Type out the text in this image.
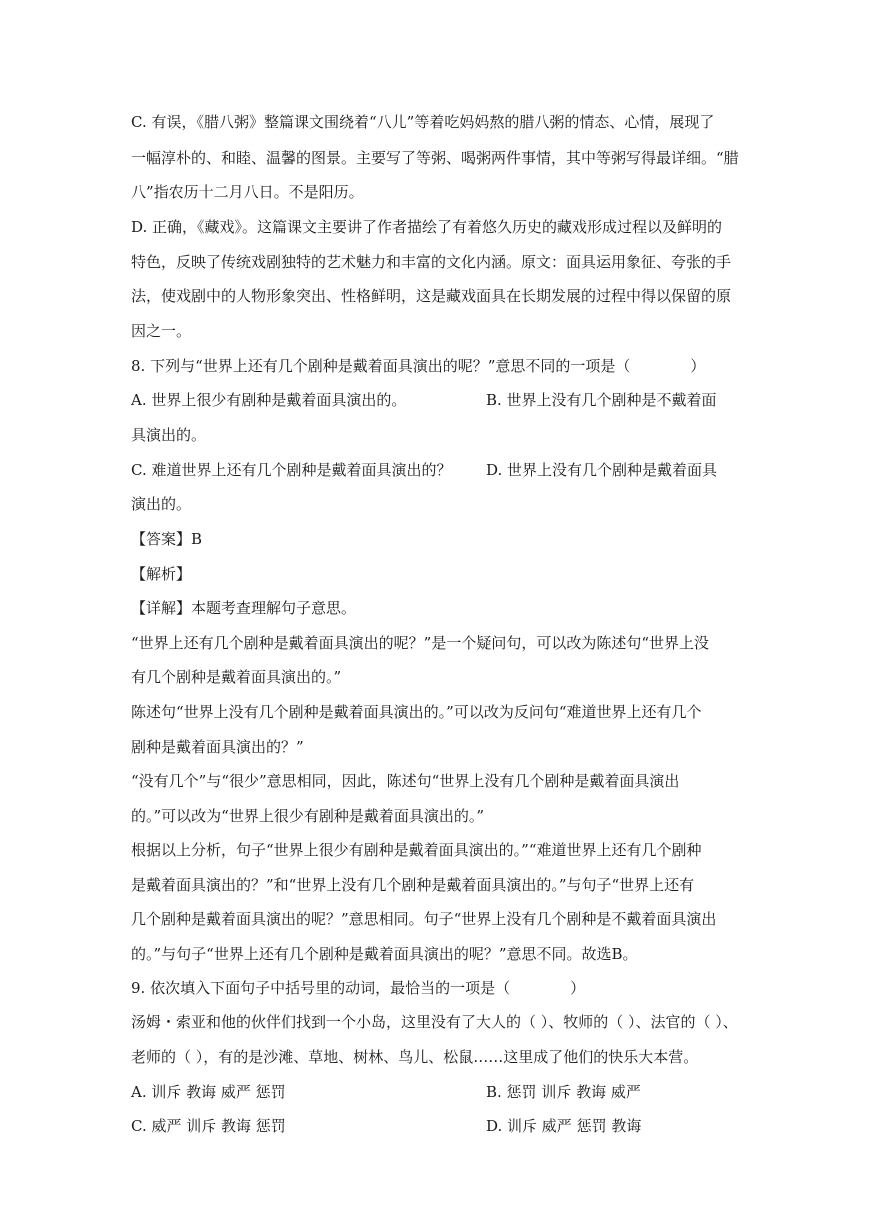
C. 有误，《腊八粥》整篇课文围绕着“八儿”等着吃妈妈熬的腊八粥的情态、心情，展现了
一幅淳朴的、和睦、温馨的图景。主要写了等粥、喝粥两件事情，其中等粥写得最详细。“腊
八”指农历十二月八日。不是阳历。
D. 正确，《藏戏》。这篇课文主要讲了作者描绘了有着悠久历史的藏戏形成过程以及鲜明的
特色，反映了传统戏剧独特的艺术魅力和丰富的文化内涵。原文：面具运用象征、夸张的手
法，使戏剧中的人物形象突出、性格鲜明，这是藏戏面具在长期发展的过程中得以保留的原
因之一。
8. 下列与“世界上还有几个剧种是戴着面具演出的呢？”意思不同的一项是（　　　　）
A. 世界上很少有剧种是戴着面具演出的。	B. 世界上没有几个剧种是不戴着面
具演出的。
C. 难道世界上还有几个剧种是戴着面具演出的？ D. 世界上没有几个剧种是戴着面具
演出的。
【答案】B
【解析】
【详解】本题考查理解句子意思。
“世界上还有几个剧种是戴着面具演出的呢？”是一个疑问句，可以改为陈述句“世界上没
有几个剧种是戴着面具演出的。”
陈述句“世界上没有几个剧种是戴着面具演出的。”可以改为反问句“难道世界上还有几个
剧种是戴着面具演出的？”
“没有几个”与“很少”意思相同，因此，陈述句“世界上没有几个剧种是戴着面具演出
的。”可以改为“世界上很少有剧种是戴着面具演出的。”
根据以上分析，句子“世界上很少有剧种是戴着面具演出的。”“难道世界上还有几个剧种
是戴着面具演出的？”和“世界上没有几个剧种是戴着面具演出的。”与句子“世界上还有
几个剧种是戴着面具演出的呢？”意思相同。句子“世界上没有几个剧种是不戴着面具演出
的。”与句子“世界上还有几个剧种是戴着面具演出的呢？”意思不同。故选B。
9. 依次填入下面句子中括号里的动词，最恰当的一项是（　　　　）
汤姆・索亚和他的伙伴们找到一个小岛，这里没有了大人的（ ）、牧师的（ ）、法官的（ ）、
老师的（ ），有的是沙滩、草地、树林、鸟儿、松鼠……这里成了他们的快乐大本营。
A. 训斥 教诲 威严 惩罚	B. 惩罚 训斥 教诲 威严
C. 威严 训斥 教诲 惩罚	D. 训斥 威严 惩罚 教诲
